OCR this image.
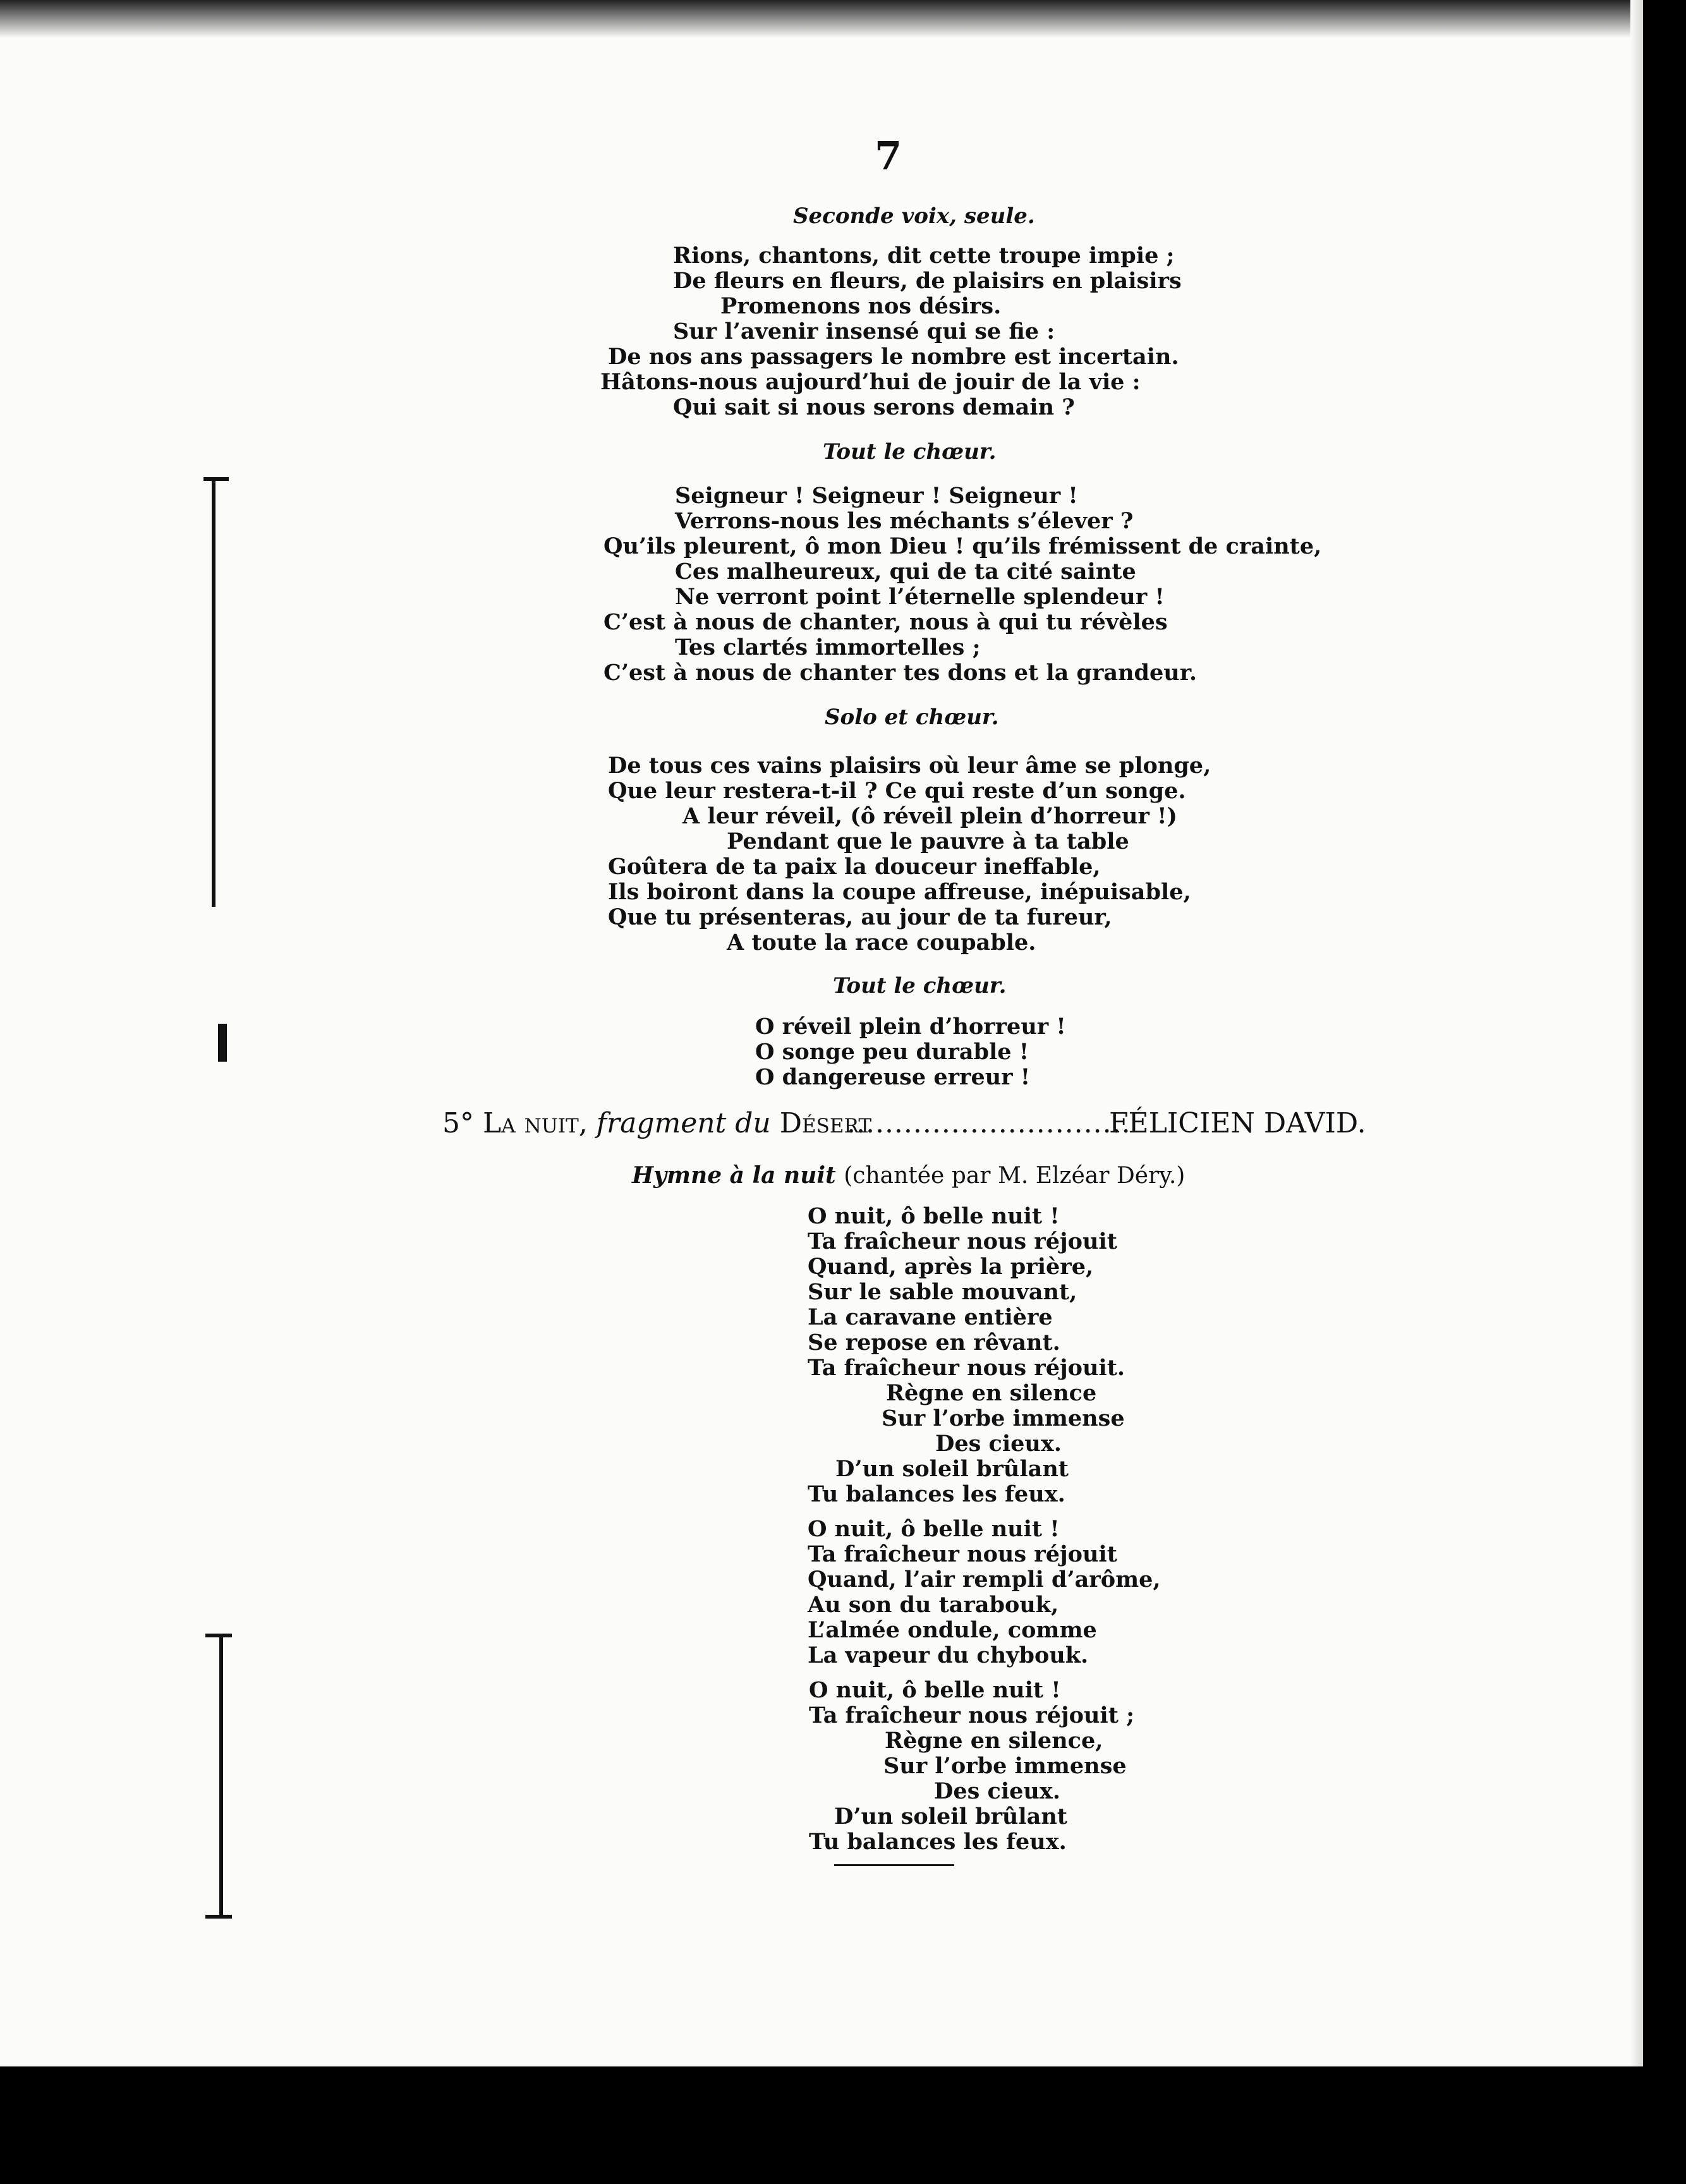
7
Seconde voix, seule.
Rions, chantons, dit cette troupe impie ;
De fleurs en fleurs, de plaisirs en plaisirs
Promenons nos désirs.
Sur l’avenir insensé qui se fie :
De nos ans passagers le nombre est incertain.
Hâtons-nous aujourd’hui de jouir de la vie :
Qui sait si nous serons demain ?
Tout le chœur.
Seigneur ! Seigneur ! Seigneur !
Verrons-nous les méchants s’élever ?
Qu’ils pleurent, ô mon Dieu ! qu’ils frémissent de crainte,
Ces malheureux, qui de ta cité sainte
Ne verront point l’éternelle splendeur !
C’est à nous de chanter, nous à qui tu révèles
Tes clartés immortelles ;
C’est à nous de chanter tes dons et la grandeur.
Solo et chœur.
De tous ces vains plaisirs où leur âme se plonge,
Que leur restera-t-il ? Ce qui reste d’un songe.
A leur réveil, (ô réveil plein d’horreur !)
Pendant que le pauvre à ta table
Goûtera de ta paix la douceur ineffable,
Ils boiront dans la coupe affreuse, inépuisable,
Que tu présenteras, au jour de ta fureur,
A toute la race coupable.
Tout le chœur.
O réveil plein d’horreur !
O songe peu durable !
O dangereuse erreur !
5° La nuit, fragment du Désert
..............................
FÉLICIEN DAVID.
Hymne à la nuit (chantée par M. Elzéar Déry.)
O nuit, ô belle nuit !
Ta fraîcheur nous réjouit
Quand, après la prière,
Sur le sable mouvant,
La caravane entière
Se repose en rêvant.
Ta fraîcheur nous réjouit.
Règne en silence
Sur l’orbe immense
Des cieux.
D’un soleil brûlant
Tu balances les feux.
O nuit, ô belle nuit !
Ta fraîcheur nous réjouit
Quand, l’air rempli d’arôme,
Au son du tarabouk,
L’almée ondule, comme
La vapeur du chybouk.
O nuit, ô belle nuit !
Ta fraîcheur nous réjouit ;
Règne en silence,
Sur l’orbe immense
Des cieux.
D’un soleil brûlant
Tu balances les feux.
